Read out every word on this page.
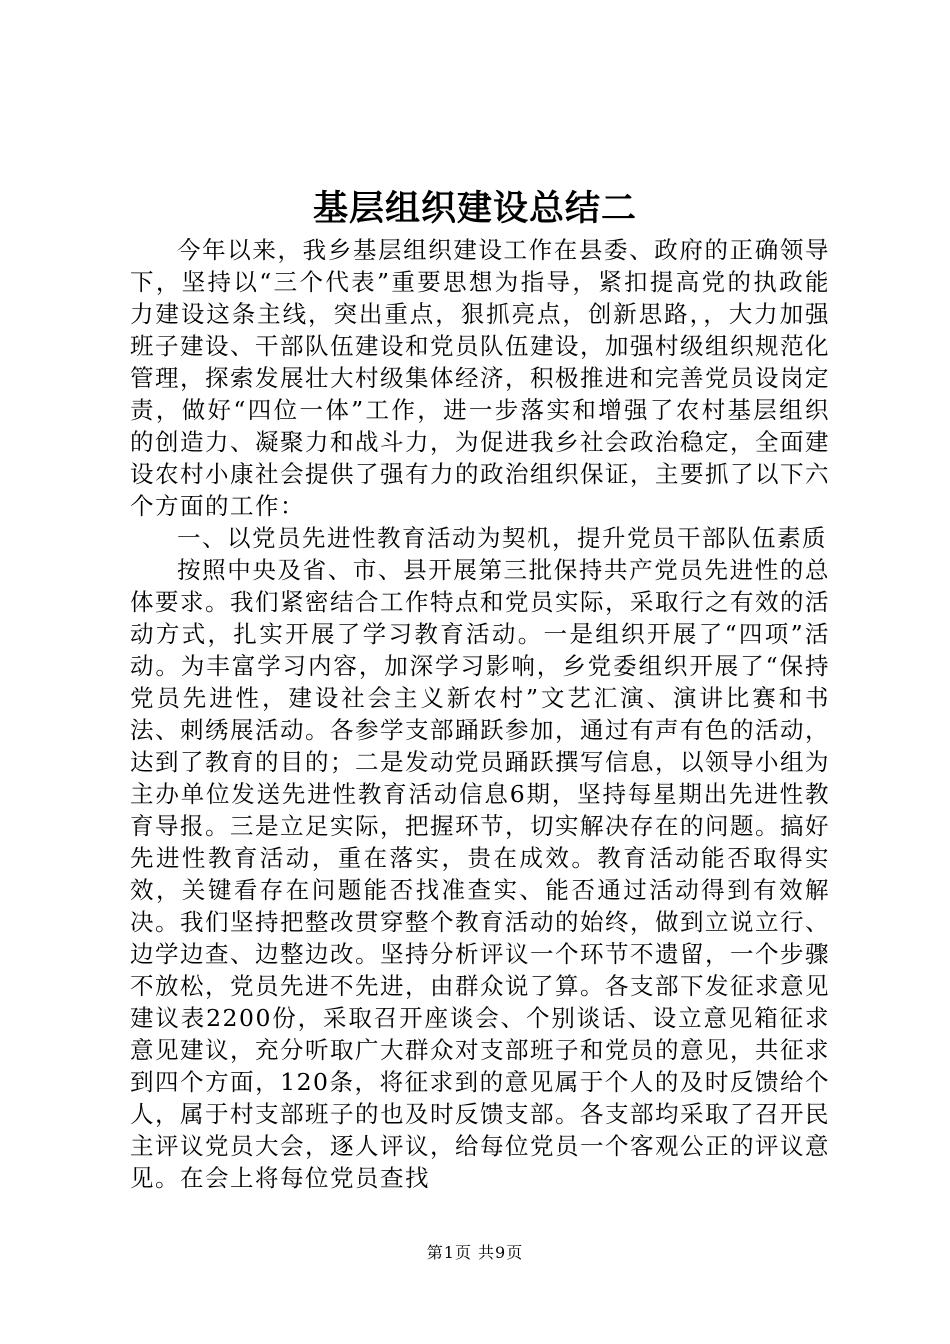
基层组织建设总结二

今年以来，我乡基层组织建设工作在县委、政府的正确领导下，坚持以“三个代表”重要思想为指导，紧扣提高党的执政能力建设这条主线，突出重点，狠抓亮点，创新思路，，大力加强班子建设、干部队伍建设和党员队伍建设，加强村级组织规范化管理，探索发展壮大村级集体经济，积极推进和完善党员设岗定责，做好“四位一体”工作，进一步落实和增强了农村基层组织的创造力、凝聚力和战斗力，为促进我乡社会政治稳定，全面建设农村小康社会提供了强有力的政治组织保证，主要抓了以下六个方面的工作：

一、以党员先进性教育活动为契机，提升党员干部队伍素质

按照中央及省、市、县开展第三批保持共产党员先进性的总体要求。我们紧密结合工作特点和党员实际，采取行之有效的活动方式，扎实开展了学习教育活动。一是组织开展了“四项”活动。为丰富学习内容，加深学习影响，乡党委组织开展了“保持党员先进性，建设社会主义新农村”文艺汇演、演讲比赛和书法、刺绣展活动。各参学支部踊跃参加，通过有声有色的活动，达到了教育的目的；二是发动党员踊跃撰写信息，以领导小组为主办单位发送先进性教育活动信息6期，坚持每星期出先进性教育导报。三是立足实际，把握环节，切实解决存在的问题。搞好先进性教育活动，重在落实，贵在成效。教育活动能否取得实效，关键看存在问题能否找准查实、能否通过活动得到有效解决。我们坚持把整改贯穿整个教育活动的始终，做到立说立行、边学边查、边整边改。坚持分析评议一个环节不遗留，一个步骤不放松，党员先进不先进，由群众说了算。各支部下发征求意见建议表2200份，采取召开座谈会、个别谈话、设立意见箱征求意见建议，充分听取广大群众对支部班子和党员的意见，共征求到四个方面，120条，将征求到的意见属于个人的及时反馈给个人，属于村支部班子的也及时反馈支部。各支部均采取了召开民主评议党员大会，逐人评议，给每位党员一个客观公正的评议意见。在会上将每位党员查找

第1页 共9页
